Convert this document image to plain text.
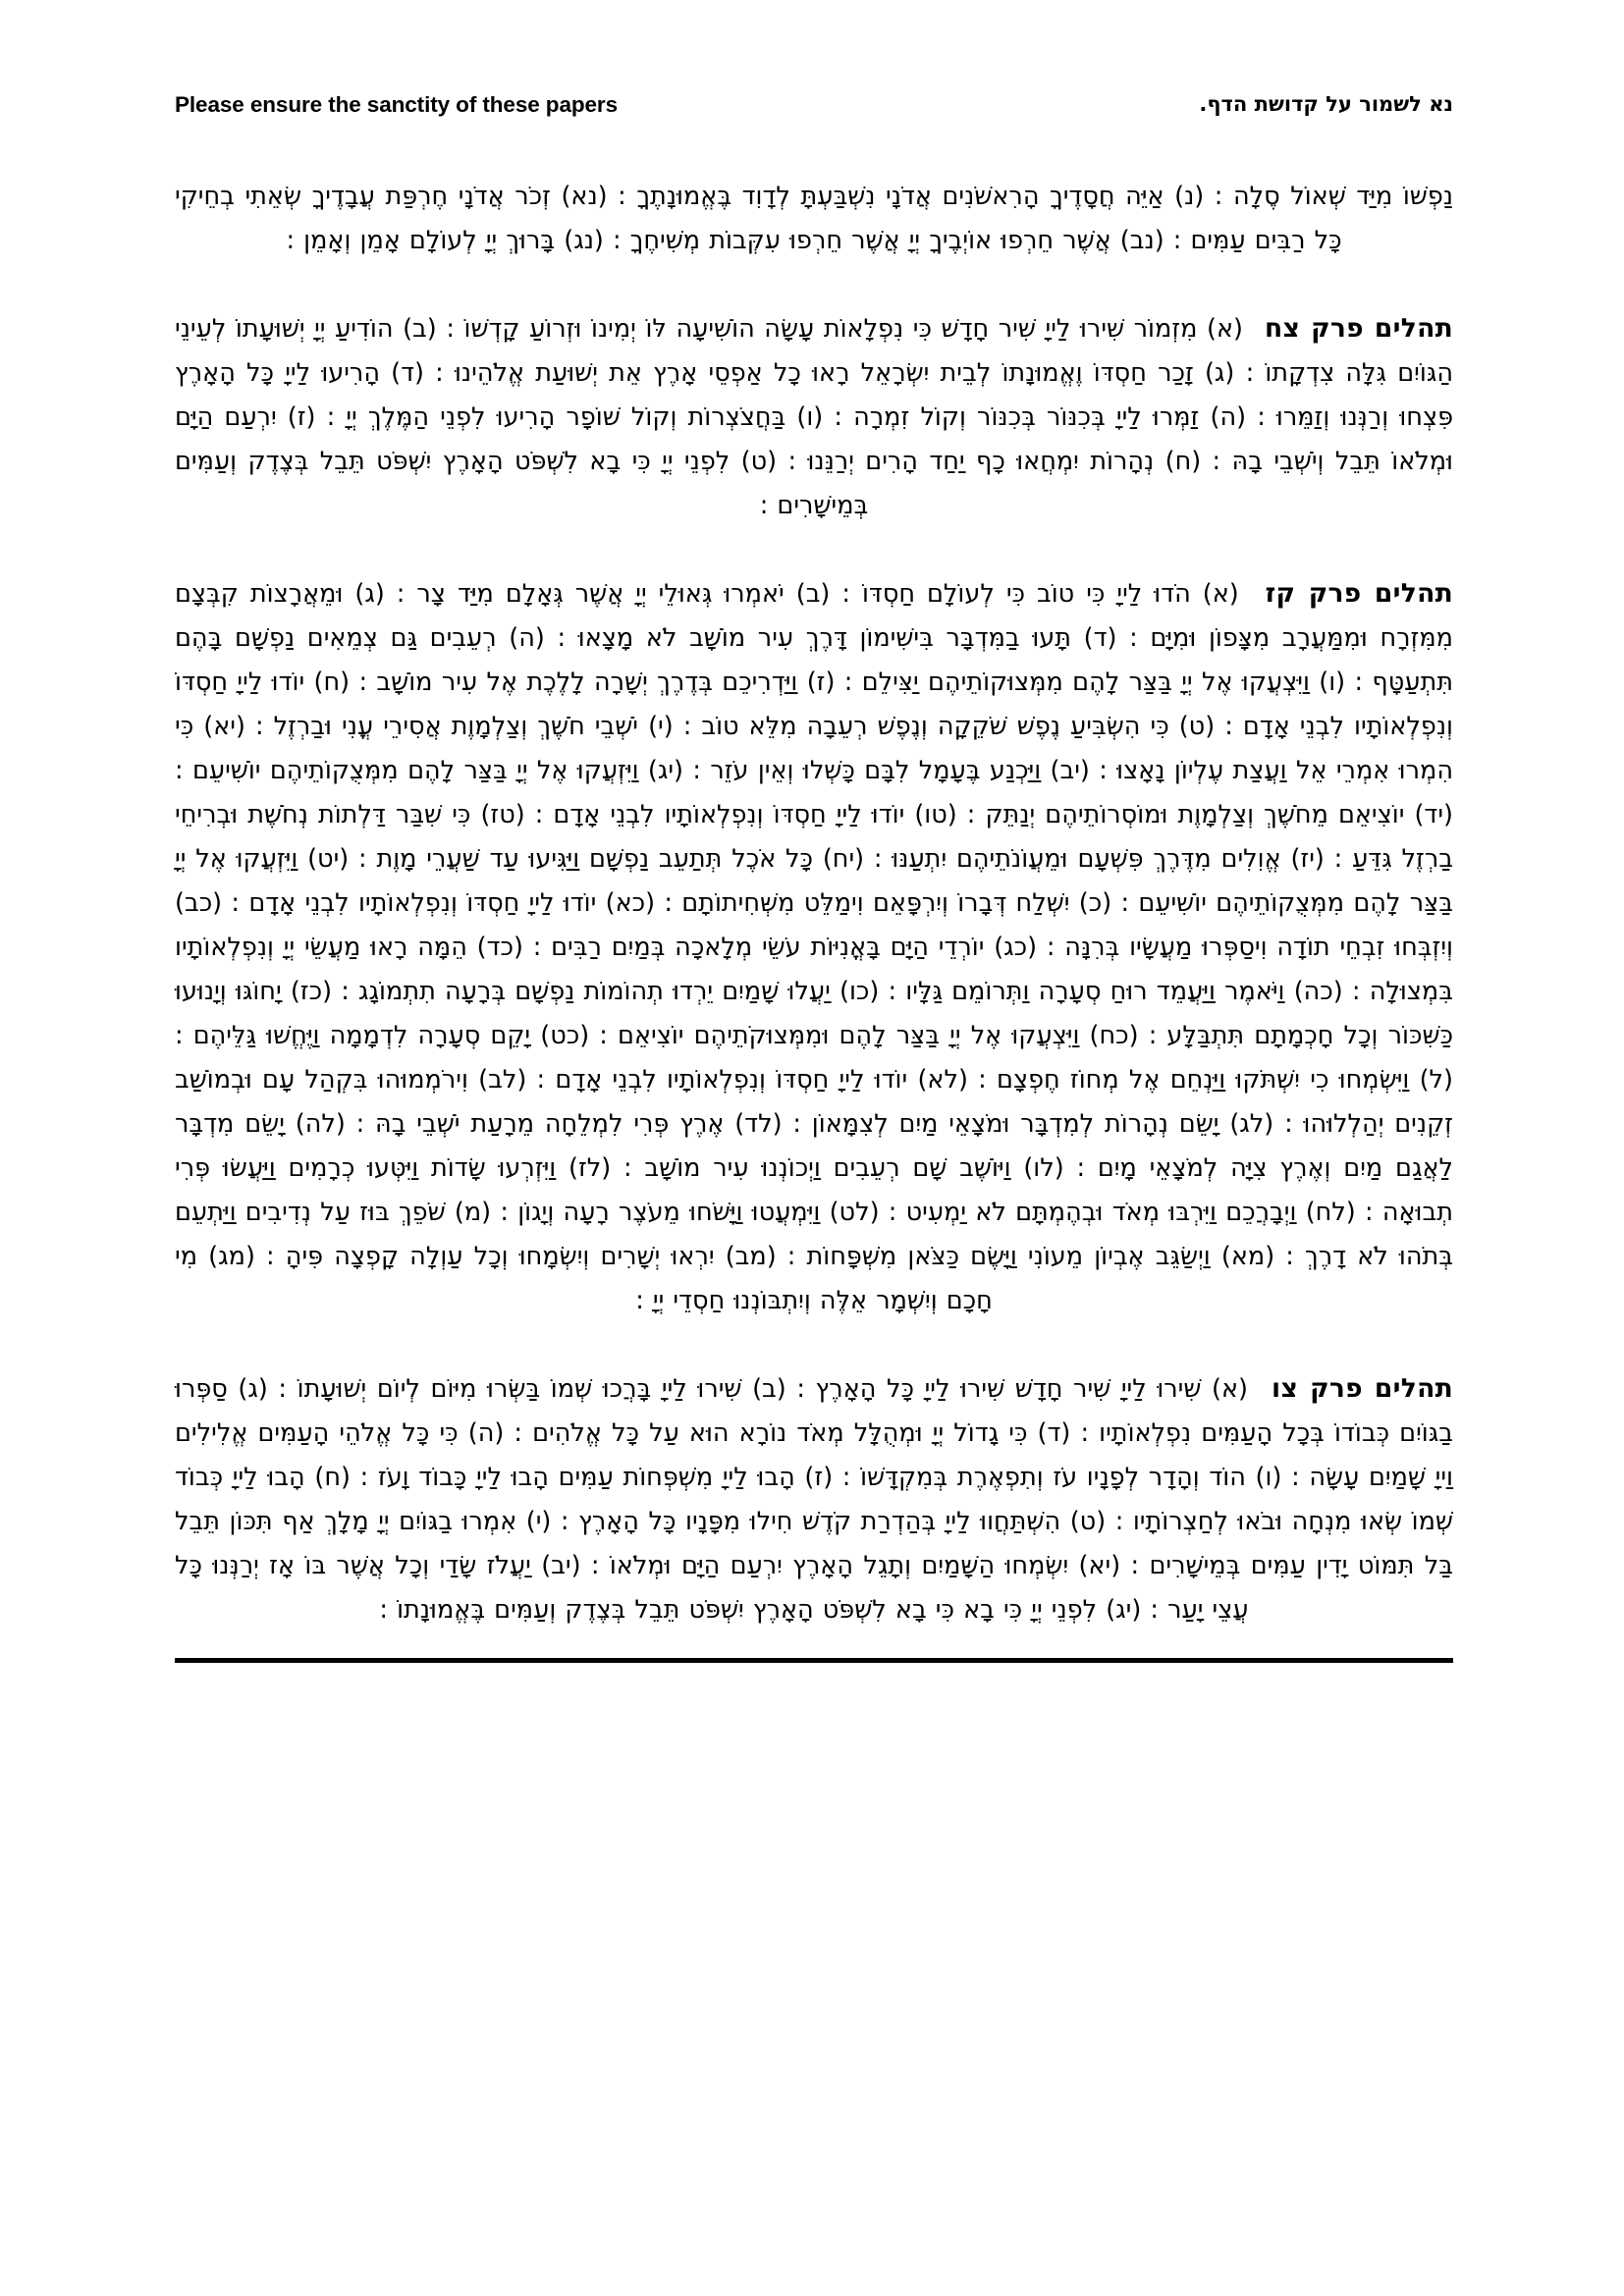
Please ensure the sanctity of these papers	נא לשמור על קדושת הדף.
נַפְשׁוֹ מִיַּד שְׁאוֹל סֶלָה : (נ) אַיֵּה חֲסָדֶיךָ הָרִאשֹׁנִים אֲדֹנָי נִשְׁבַּעְתָּ לְדָוִד בֶּאֱמוּנָתֶךָ : (נא) זְכֹר אֲדֹנָי חֶרְפַּת עֲבָדֶיךָ שְׂאֵתִי בְחֵיקִי כָּל רַבִּים עַמִּים : (נב) אֲשֶׁר חֵרְפוּ אוֹיְבֶיךָ יְיָ אֲשֶׁר חֵרְפוּ עִקְּבוֹת מְשִׁיחֶךָ : (נג) בָּרוּךְ יְיָ לְעוֹלָם אָמֵן וְאָמֵן :
תהלים פרק צח(א) מִזְמוֹר שִׁירוּ לַייָ שִׁיר חָדָשׁ כִּי נִפְלָאוֹת עָשָׂה הוֹשִׁיעָה לּוֹ יְמִינוֹ וּזְרוֹעַ קָדְשׁוֹ : (ב) הוֹדִיעַ יְיָ יְשׁוּעָתוֹ לְעֵינֵי הַגּוֹיִם גִּלָּה צִדְקָתוֹ : (ג) זָכַר חַסְדּוֹ וֶאֱמוּנָתוֹ לְבֵית יִשְׂרָאֵל רָאוּ כָל אַפְסֵי אָרֶץ אֵת יְשׁוּעַת אֱלֹהֵינוּ : (ד) הָרִיעוּ לַייָ כָּל הָאָרֶץ פִּצְחוּ וְרַנְּנוּ וְזַמֵּרוּ : (ה) זַמְּרוּ לַייָ בְּכִנּוֹר בְּכִנּוֹר וְקוֹל זִמְרָה : (ו) בַּחֲצֹצְרוֹת וְקוֹל שׁוֹפָר הָרִיעוּ לִפְנֵי הַמֶּלֶךְ יְיָ : (ז) יִרְעַם הַיָּם וּמְלֹאוֹ תֵּבֵל וְיֹשְׁבֵי בָהּ : (ח) נְהָרוֹת יִמְחֲאוּ כָף יַחַד הָרִים יְרַנֵּנוּ : (ט) לִפְנֵי יְיָ כִּי בָא לִשְׁפֹּט הָאָרֶץ יִשְׁפֹּט תֵּבֵל בְּצֶדֶק וְעַמִּים בְּמֵישָׁרִים :
תהלים פרק קז(א) הֹדוּ לַייָ כִּי טוֹב כִּי לְעוֹלָם חַסְדּוֹ : (ב) יֹאמְרוּ גְּאוּלֵי יְיָ אֲשֶׁר גְּאָלָם מִיַּד צָר : (ג) וּמֵאֲרָצוֹת קִבְּצָם מִמִּזְרָח וּמִמַּעֲרָב מִצָּפוֹן וּמִיָּם : (ד) תָּעוּ בַמִּדְבָּר בִּישִׁימוֹן דָּרֶךְ עִיר מוֹשָׁב לֹא מָצָאוּ : (ה) רְעֵבִים גַּם צְמֵאִים נַפְשָׁם בָּהֶם תִּתְעַטָּף : (ו) וַיִּצְעֲקוּ אֶל יְיָ בַּצַּר לָהֶם מִמְּצוּקוֹתֵיהֶם יַצִּילֵם : (ז) וַיַּדְרִיכֵם בְּדֶרֶךְ יְשָׁרָה לָלֶכֶת אֶל עִיר מוֹשָׁב : (ח) יוֹדוּ לַייָ חַסְדּוֹ וְנִפְלְאוֹתָיו לִבְנֵי אָדָם : (ט) כִּי הִשְׂבִּיעַ נֶפֶשׁ שֹׁקֵקָה וְנֶפֶשׁ רְעֵבָה מִלֵּא טוֹב : (י) יֹשְׁבֵי חֹשֶׁךְ וְצַלְמָוֶת אֲסִירֵי עֳנִי וּבַרְזֶל : (יא) כִּי הִמְרוּ אִמְרֵי אֵל וַעֲצַת עֶלְיוֹן נָאָצוּ : (יב) וַיַּכְנַע בֶּעָמָל לִבָּם כָּשְׁלוּ וְאֵין עֹזֵר : (יג) וַיִּזְעֲקוּ אֶל יְיָ בַּצַּר לָהֶם מִמְּצֻקוֹתֵיהֶם יוֹשִׁיעֵם : (יד) יוֹצִיאֵם מֵחֹשֶׁךְ וְצַלְמָוֶת וּמוֹסְרוֹתֵיהֶם יְנַתֵּק : (טו) יוֹדוּ לַייָ חַסְדּוֹ וְנִפְלְאוֹתָיו לִבְנֵי אָדָם : (טז) כִּי שִׁבַּר דַּלְתוֹת נְחֹשֶׁת וּבְרִיחֵי בַרְזֶל גִּדֵּעַ : (יז) אֱוִלִים מִדֶּרֶךְ פִּשְׁעָם וּמֵעֲוֹנֹתֵיהֶם יִתְעַנּוּ : (יח) כָּל אֹכֶל תְּתַעֵב נַפְשָׁם וַיַּגִּיעוּ עַד שַׁעֲרֵי מָוֶת : (יט) וַיִּזְעֲקוּ אֶל יְיָ בַּצַּר לָהֶם מִמְּצֻקוֹתֵיהֶם יוֹשִׁיעֵם : (כ) יִשְׁלַח דְּבָרוֹ וְיִרְפָּאֵם וִימַלֵּט מִשְּׁחִיתוֹתָם : (כא) יוֹדוּ לַייָ חַסְדּוֹ וְנִפְלְאוֹתָיו לִבְנֵי אָדָם : (כב) וְיִזְבְּחוּ זִבְחֵי תוֹדָה וִיסַפְּרוּ מַעֲשָׂיו בְּרִנָּה : (כג) יוֹרְדֵי הַיָּם בָּאֳנִיּוֹת עֹשֵׂי מְלָאכָה בְּמַיִם רַבִּים : (כד) הֵמָּה רָאוּ מַעֲשֵׂי יְיָ וְנִפְלְאוֹתָיו בִּמְצוּלָה : (כה) וַיֹּאמֶר וַיַּעֲמֵד רוּחַ סְעָרָה וַתְּרוֹמֵם גַּלָּיו : (כו) יַעֲלוּ שָׁמַיִם יֵרְדוּ תְהוֹמוֹת נַפְשָׁם בְּרָעָה תִתְמוֹגָג : (כז) יָחוֹגּוּ וְיָנוּעוּ כַּשִּׁכּוֹר וְכָל חָכְמָתָם תִּתְבַּלָּע : (כח) וַיִּצְעֲקוּ אֶל יְיָ בַּצַּר לָהֶם וּמִמְּצוּקֹתֵיהֶם יוֹצִיאֵם : (כט) יָקֵם סְעָרָה לִדְמָמָה וַיֶּחֱשׁוּ גַּלֵּיהֶם : (ל) וַיִּשְׂמְחוּ כִי יִשְׁתֹּקוּ וַיַּנְחֵם אֶל מְחוֹז חֶפְצָם : (לא) יוֹדוּ לַייָ חַסְדּוֹ וְנִפְלְאוֹתָיו לִבְנֵי אָדָם : (לב) וִירֹמְמוּהוּ בִּקְהַל עָם וּבְמוֹשַׁב זְקֵנִים יְהַלְלוּהוּ : (לג) יָשֵׂם נְהָרוֹת לְמִדְבָּר וּמֹצָאֵי מַיִם לְצִמָּאוֹן : (לד) אֶרֶץ פְּרִי לִמְלֵחָה מֵרָעַת יֹשְׁבֵי בָהּ : (לה) יָשֵׂם מִדְבָּר לַאֲגַם מַיִם וְאֶרֶץ צִיָּה לְמֹצָאֵי מָיִם : (לו) וַיּוֹשֶׁב שָׁם רְעֵבִים וַיְכוֹנְנוּ עִיר מוֹשָׁב : (לז) וַיִּזְרְעוּ שָׂדוֹת וַיִּטְּעוּ כְרָמִים וַיַּעֲשׂוּ פְּרִי תְבוּאָה : (לח) וַיְבָרֲכֵם וַיִּרְבּוּ מְאֹד וּבְהֶמְתָּם לֹא יַמְעִיט : (לט) וַיִּמְעֲטוּ וַיָּשֹׁחוּ מֵעֹצֶר רָעָה וְיָגוֹן : (מ) שֹׁפֵךְ בּוּז עַל נְדִיבִים וַיַּתְעֵם בְּתֹהוּ לֹא דָרֶךְ : (מא) וַיְשַׂגֵּב אֶבְיוֹן מֵעוֹנִי וַיָּשֶׂם כַּצֹּאן מִשְׁפָּחוֹת : (מב) יִרְאוּ יְשָׁרִים וְיִשְׂמָחוּ וְכָל עַוְלָה קָפְצָה פִּיהָ : (מג) מִי חָכָם וְיִשְׁמָר אֵלֶּה וְיִתְבּוֹנְנוּ חַסְדֵי יְיָ :
תהלים פרק צו(א) שִׁירוּ לַייָ שִׁיר חָדָשׁ שִׁירוּ לַייָ כָּל הָאָרֶץ : (ב) שִׁירוּ לַייָ בָּרֲכוּ שְׁמוֹ בַּשְּׂרוּ מִיּוֹם לְיוֹם יְשׁוּעָתוֹ : (ג) סַפְּרוּ בַגּוֹיִם כְּבוֹדוֹ בְּכָל הָעַמִּים נִפְלְאוֹתָיו : (ד) כִּי גָדוֹל יְיָ וּמְהֻלָּל מְאֹד נוֹרָא הוּא עַל כָּל אֱלֹהִים : (ה) כִּי כָּל אֱלֹהֵי הָעַמִּים אֱלִילִים וַייָ שָׁמַיִם עָשָׂה : (ו) הוֹד וְהָדָר לְפָנָיו עֹז וְתִפְאֶרֶת בְּמִקְדָּשׁוֹ : (ז) הָבוּ לַייָ מִשְׁפְּחוֹת עַמִּים הָבוּ לַייָ כָּבוֹד וָעֹז : (ח) הָבוּ לַייָ כְּבוֹד שְׁמוֹ שְׂאוּ מִנְחָה וּבֹאוּ לְחַצְרוֹתָיו : (ט) הִשְׁתַּחֲווּ לַייָ בְּהַדְרַת קֹדֶשׁ חִילוּ מִפָּנָיו כָּל הָאָרֶץ : (י) אִמְרוּ בַגּוֹיִם יְיָ מָלָךְ אַף תִּכּוֹן תֵּבֵל בַּל תִּמּוֹט יָדִין עַמִּים בְּמֵישָׁרִים : (יא) יִשְׂמְחוּ הַשָּׁמַיִם וְתָגֵל הָאָרֶץ יִרְעַם הַיָּם וּמְלֹאוֹ : (יב) יַעֲלֹז שָׂדַי וְכָל אֲשֶׁר בּוֹ אָז יְרַנְּנוּ כָּל עֲצֵי יָעַר : (יג) לִפְנֵי יְיָ כִּי בָא כִּי בָא לִשְׁפֹּט הָאָרֶץ יִשְׁפֹּט תֵּבֵל בְּצֶדֶק וְעַמִּים בֶּאֱמוּנָתוֹ :
